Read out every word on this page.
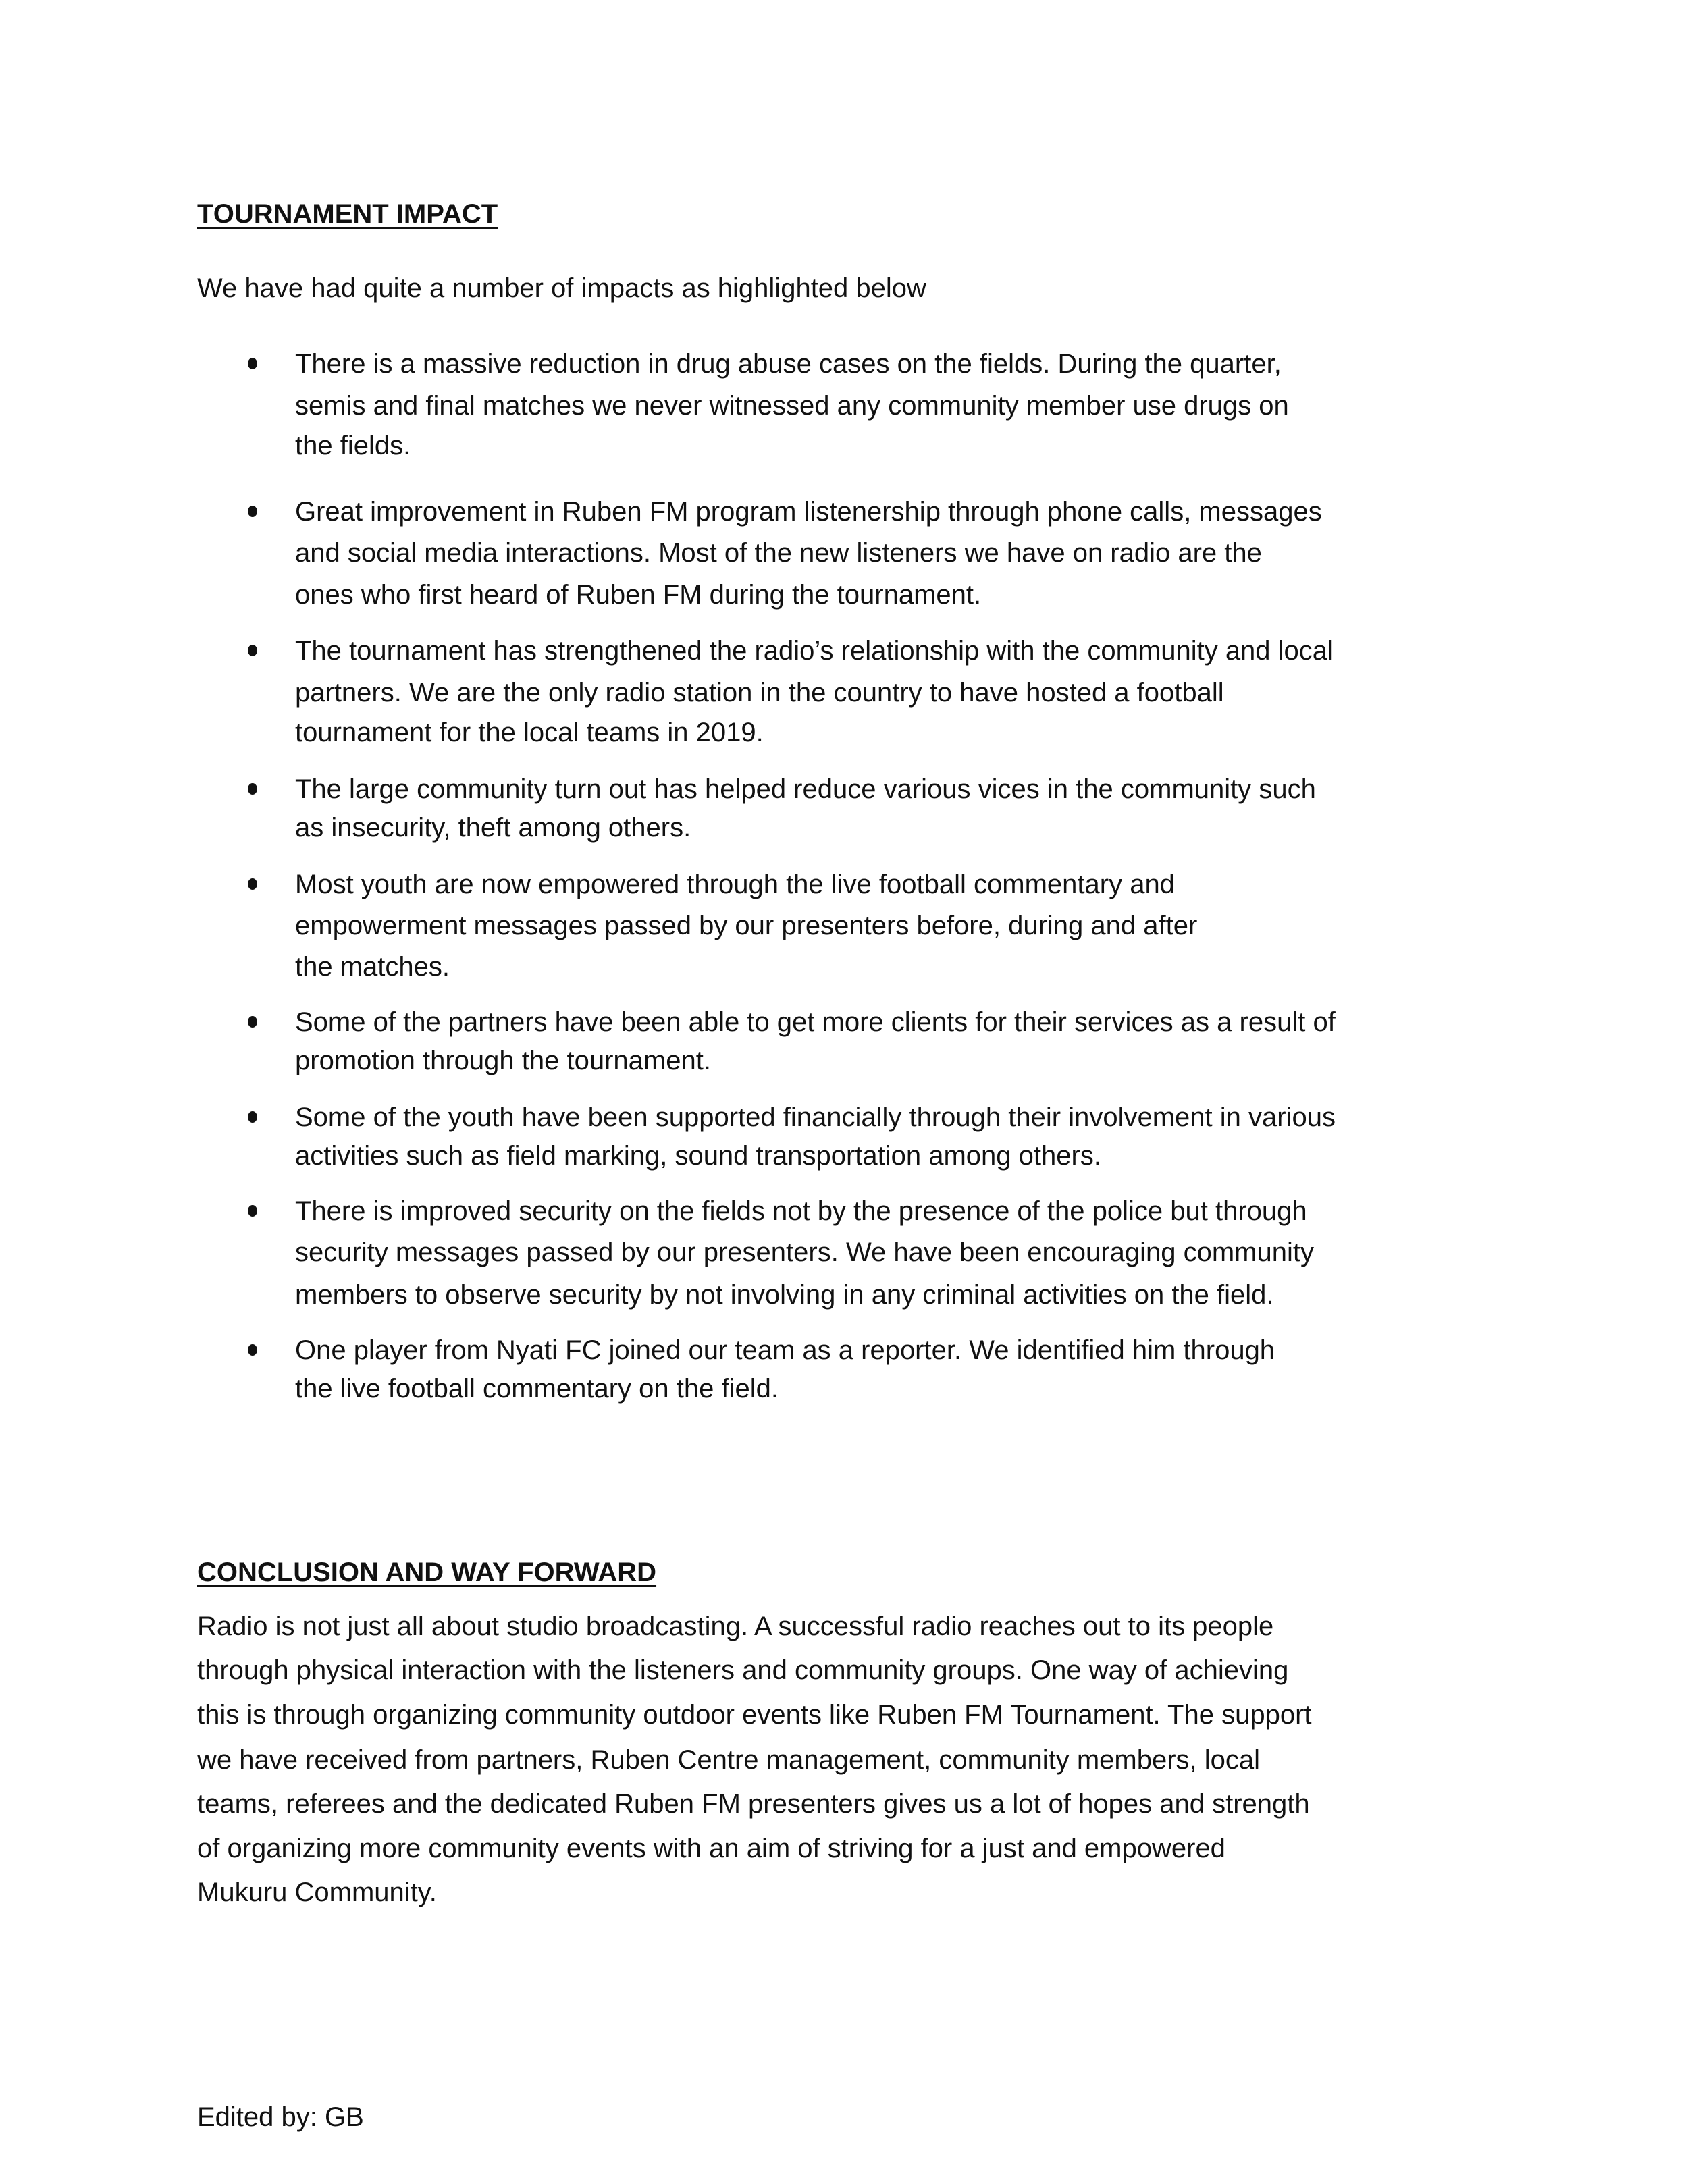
TOURNAMENT IMPACT
We have had quite a number of impacts as highlighted below
There is a massive reduction in drug abuse cases on the fields. During the quarter,
semis and final matches we never witnessed any community member use drugs on
the fields.
Great improvement in Ruben FM program listenership through phone calls, messages
and social media interactions. Most of the new listeners we have on radio are the
ones who first heard of Ruben FM during the tournament.
The tournament has strengthened the radio’s relationship with the community and local
partners. We are the only radio station in the country to have hosted a football
tournament for the local teams in 2019.
The large community turn out has helped reduce various vices in the community such
as insecurity, theft among others.
Most youth are now empowered through the live football commentary and
empowerment messages passed by our presenters before, during and after
the matches.
Some of the partners have been able to get more clients for their services as a result of
promotion through the tournament.
Some of the youth have been supported financially through their involvement in various
activities such as field marking, sound transportation among others.
There is improved security on the fields not by the presence of the police but through
security messages passed by our presenters. We have been encouraging community
members to observe security by not involving in any criminal activities on the field.
One player from Nyati FC joined our team as a reporter. We identified him through
the live football commentary on the field.
CONCLUSION AND WAY FORWARD
Radio is not just all about studio broadcasting. A successful radio reaches out to its people
through physical interaction with the listeners and community groups. One way of achieving
this is through organizing community outdoor events like Ruben FM Tournament. The support
we have received from partners, Ruben Centre management, community members, local
teams, referees and the dedicated Ruben FM presenters gives us a lot of hopes and strength
of organizing more community events with an aim of striving for a just and empowered
Mukuru Community.
Edited by: GB
